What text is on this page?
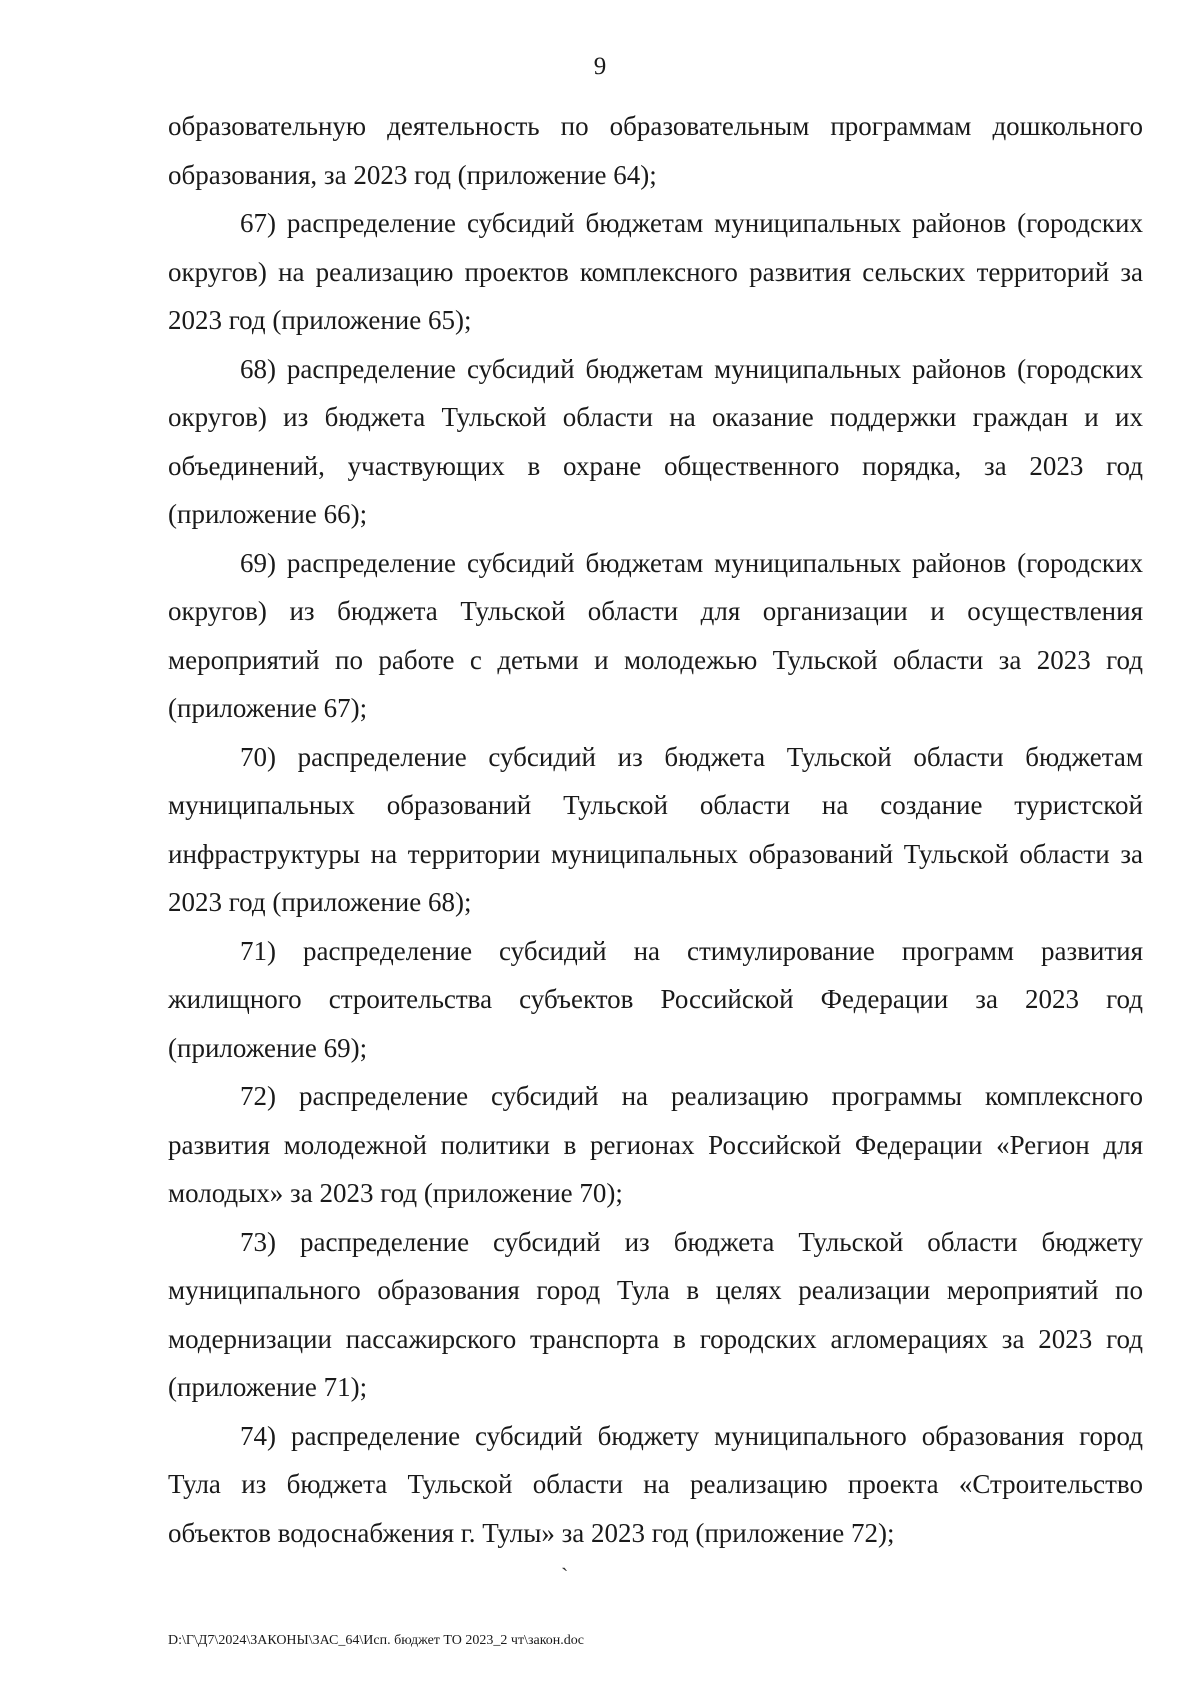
9

образовательную деятельность по образовательным программам дошкольного образования, за 2023 год (приложение 64);

67) распределение субсидий бюджетам муниципальных районов (городских округов) на реализацию проектов комплексного развития сельских территорий за 2023 год (приложение 65);

68) распределение субсидий бюджетам муниципальных районов (городских округов) из бюджета Тульской области на оказание поддержки граждан и их объединений, участвующих в охране общественного порядка, за 2023 год (приложение 66);

69) распределение субсидий бюджетам муниципальных районов (городских округов) из бюджета Тульской области для организации и осуществления мероприятий по работе с детьми и молодежью Тульской области за 2023 год (приложение 67);

70) распределение субсидий из бюджета Тульской области бюджетам муниципальных образований Тульской области на создание туристской инфраструктуры на территории муниципальных образований Тульской области за 2023 год (приложение 68);

71) распределение субсидий на стимулирование программ развития жилищного строительства субъектов Российской Федерации за 2023 год (приложение 69);

72) распределение субсидий на реализацию программы комплексного развития молодежной политики в регионах Российской Федерации «Регион для молодых» за 2023 год (приложение 70);

73) распределение субсидий из бюджета Тульской области бюджету муниципального образования город Тула в целях реализации мероприятий по модернизации пассажирского транспорта в городских агломерациях за 2023 год (приложение 71);

74) распределение субсидий бюджету муниципального образования город Тула из бюджета Тульской области на реализацию проекта «Строительство объектов водоснабжения г. Тулы» за 2023 год (приложение 72);

`
D:\Г\Д7\2024\ЗАКОНЫ\ЗАС_64\Исп. бюджет ТО 2023_2 чт\закон.doc
